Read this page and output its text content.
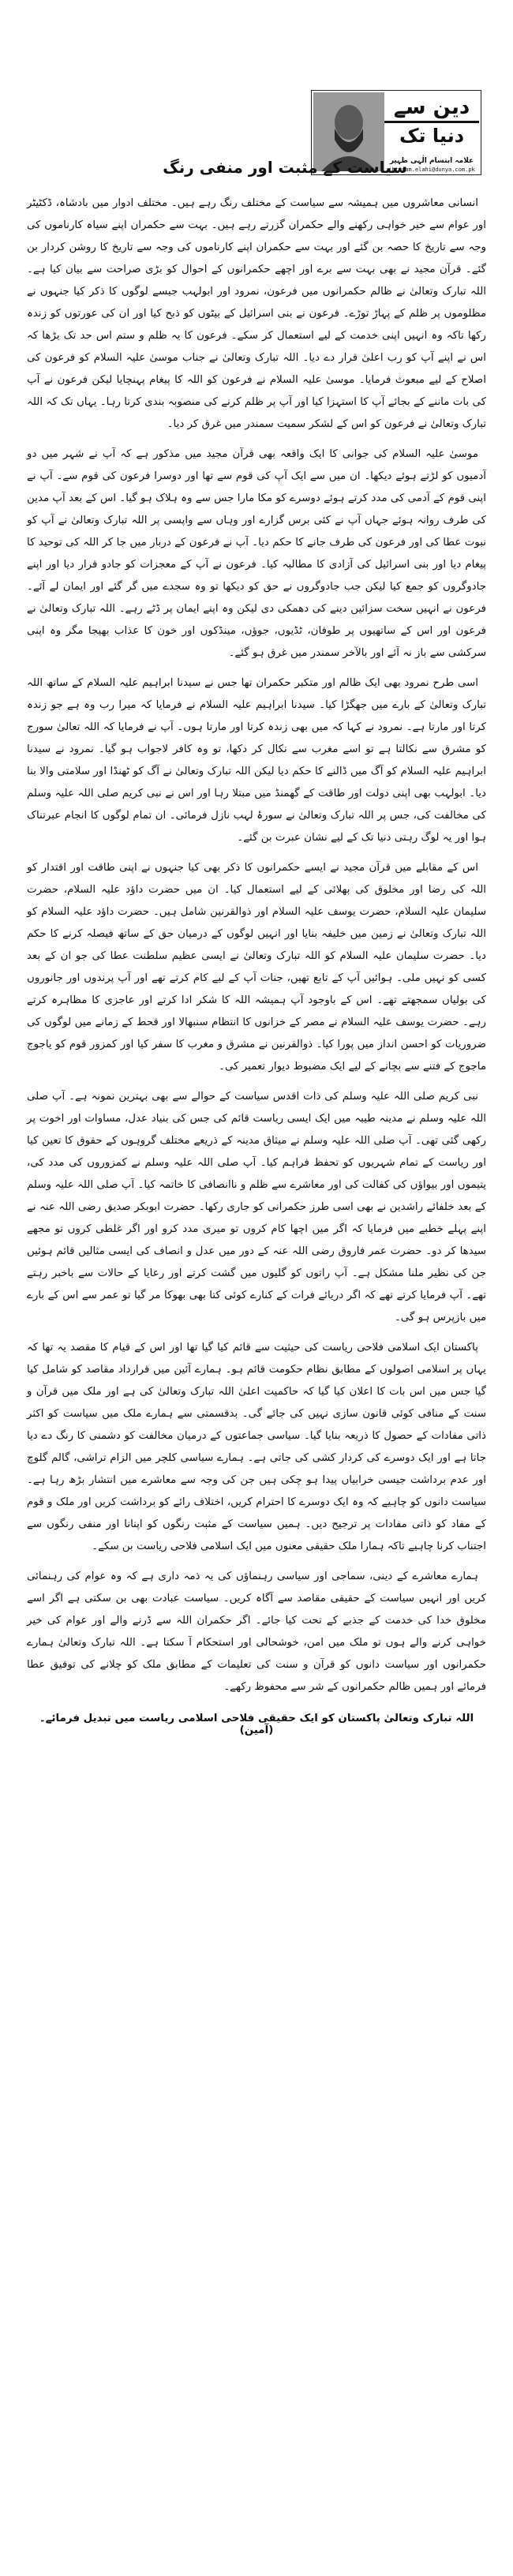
دین سے
دنیا تک
علامہ ابتسام الٰہی ظہیر
ibtisam.elahi@dunya.com.pk
سیاست کے مثبت اور منفی رنگ

انسانی معاشروں میں ہمیشہ سے سیاست کے مختلف رنگ رہے ہیں۔ مختلف ادوار میں بادشاہ، ڈکٹیٹر اور عوام سے خیر خواہی رکھنے والے حکمران گزرتے رہے ہیں۔ بہت سے حکمران اپنے سیاہ کارناموں کی وجہ سے تاریخ کا حصہ بن گئے اور بہت سے حکمران اپنے کارناموں کی وجہ سے تاریخ کا روشن کردار بن گئے۔ قرآن مجید نے بھی بہت سے برے اور اچھے حکمرانوں کے احوال کو بڑی صراحت سے بیان کیا ہے۔ اللہ تبارک وتعالیٰ نے ظالم حکمرانوں میں فرعون، نمرود اور ابولہب جیسے لوگوں کا ذکر کیا جنہوں نے مظلوموں پر ظلم کے پہاڑ توڑے۔ فرعون نے بنی اسرائیل کے بیٹوں کو ذبح کیا اور ان کی عورتوں کو زندہ رکھا تاکہ وہ انہیں اپنی خدمت کے لیے استعمال کر سکے۔ فرعون کا یہ ظلم و ستم اس حد تک بڑھا کہ اس نے اپنے آپ کو رب اعلیٰ قرار دے دیا۔ اللہ تبارک وتعالیٰ نے جناب موسیٰ علیہ السلام کو فرعون کی اصلاح کے لیے مبعوث فرمایا۔ موسیٰ علیہ السلام نے فرعون کو اللہ کا پیغام پہنچایا لیکن فرعون نے آپ کی بات ماننے کے بجائے آپ کا استہزا کیا اور آپ پر ظلم کرنے کی منصوبہ بندی کرتا رہا۔ یہاں تک کہ اللہ تبارک وتعالیٰ نے فرعون کو اس کے لشکر سمیت سمندر میں غرق کر دیا۔

موسیٰ علیہ السلام کی جوانی کا ایک واقعہ بھی قرآن مجید میں مذکور ہے کہ آپ نے شہر میں دو آدمیوں کو لڑتے ہوئے دیکھا۔ ان میں سے ایک آپ کی قوم سے تھا اور دوسرا فرعون کی قوم سے۔ آپ نے اپنی قوم کے آدمی کی مدد کرتے ہوئے دوسرے کو مکا مارا جس سے وہ ہلاک ہو گیا۔ اس کے بعد آپ مدین کی طرف روانہ ہوئے جہاں آپ نے کئی برس گزارے اور وہاں سے واپسی پر اللہ تبارک وتعالیٰ نے آپ کو نبوت عطا کی اور فرعون کی طرف جانے کا حکم دیا۔ آپ نے فرعون کے دربار میں جا کر اللہ کی توحید کا پیغام دیا اور بنی اسرائیل کی آزادی کا مطالبہ کیا۔ فرعون نے آپ کے معجزات کو جادو قرار دیا اور اپنے جادوگروں کو جمع کیا لیکن جب جادوگروں نے حق کو دیکھا تو وہ سجدے میں گر گئے اور ایمان لے آئے۔ فرعون نے انہیں سخت سزائیں دینے کی دھمکی دی لیکن وہ اپنے ایمان پر ڈٹے رہے۔ اللہ تبارک وتعالیٰ نے فرعون اور اس کے ساتھیوں پر طوفان، ٹڈیوں، جوؤں، مینڈکوں اور خون کا عذاب بھیجا مگر وہ اپنی سرکشی سے باز نہ آئے اور بالآخر سمندر میں غرق ہو گئے۔

اسی طرح نمرود بھی ایک ظالم اور متکبر حکمران تھا جس نے سیدنا ابراہیم علیہ السلام کے ساتھ اللہ تبارک وتعالیٰ کے بارے میں جھگڑا کیا۔ سیدنا ابراہیم علیہ السلام نے فرمایا کہ میرا رب وہ ہے جو زندہ کرتا اور مارتا ہے۔ نمرود نے کہا کہ میں بھی زندہ کرتا اور مارتا ہوں۔ آپ نے فرمایا کہ اللہ تعالیٰ سورج کو مشرق سے نکالتا ہے تو اسے مغرب سے نکال کر دکھا، تو وہ کافر لاجواب ہو گیا۔ نمرود نے سیدنا ابراہیم علیہ السلام کو آگ میں ڈالنے کا حکم دیا لیکن اللہ تبارک وتعالیٰ نے آگ کو ٹھنڈا اور سلامتی والا بنا دیا۔ ابولہب بھی اپنی دولت اور طاقت کے گھمنڈ میں مبتلا رہا اور اس نے نبی کریم صلی اللہ علیہ وسلم کی مخالفت کی، جس پر اللہ تبارک وتعالیٰ نے سورۂ لہب نازل فرمائی۔ ان تمام لوگوں کا انجام عبرتناک ہوا اور یہ لوگ رہتی دنیا تک کے لیے نشان عبرت بن گئے۔

اس کے مقابلے میں قرآن مجید نے ایسے حکمرانوں کا ذکر بھی کیا جنہوں نے اپنی طاقت اور اقتدار کو اللہ کی رضا اور مخلوق کی بھلائی کے لیے استعمال کیا۔ ان میں حضرت داؤد علیہ السلام، حضرت سلیمان علیہ السلام، حضرت یوسف علیہ السلام اور ذوالقرنین شامل ہیں۔ حضرت داؤد علیہ السلام کو اللہ تبارک وتعالیٰ نے زمین میں خلیفہ بنایا اور انہیں لوگوں کے درمیان حق کے ساتھ فیصلہ کرنے کا حکم دیا۔ حضرت سلیمان علیہ السلام کو اللہ تبارک وتعالیٰ نے ایسی عظیم سلطنت عطا کی جو ان کے بعد کسی کو نہیں ملی۔ ہوائیں آپ کے تابع تھیں، جنات آپ کے لیے کام کرتے تھے اور آپ پرندوں اور جانوروں کی بولیاں سمجھتے تھے۔ اس کے باوجود آپ ہمیشہ اللہ کا شکر ادا کرتے اور عاجزی کا مظاہرہ کرتے رہے۔ حضرت یوسف علیہ السلام نے مصر کے خزانوں کا انتظام سنبھالا اور قحط کے زمانے میں لوگوں کی ضروریات کو احسن انداز میں پورا کیا۔ ذوالقرنین نے مشرق و مغرب کا سفر کیا اور کمزور قوم کو یاجوج ماجوج کے فتنے سے بچانے کے لیے ایک مضبوط دیوار تعمیر کی۔

نبی کریم صلی اللہ علیہ وسلم کی ذات اقدس سیاست کے حوالے سے بھی بہترین نمونہ ہے۔ آپ صلی اللہ علیہ وسلم نے مدینہ طیبہ میں ایک ایسی ریاست قائم کی جس کی بنیاد عدل، مساوات اور اخوت پر رکھی گئی تھی۔ آپ صلی اللہ علیہ وسلم نے میثاق مدینہ کے ذریعے مختلف گروہوں کے حقوق کا تعین کیا اور ریاست کے تمام شہریوں کو تحفظ فراہم کیا۔ آپ صلی اللہ علیہ وسلم نے کمزوروں کی مدد کی، یتیموں اور بیواؤں کی کفالت کی اور معاشرے سے ظلم و ناانصافی کا خاتمہ کیا۔ آپ صلی اللہ علیہ وسلم کے بعد خلفائے راشدین نے بھی اسی طرز حکمرانی کو جاری رکھا۔ حضرت ابوبکر صدیق رضی اللہ عنہ نے اپنے پہلے خطبے میں فرمایا کہ اگر میں اچھا کام کروں تو میری مدد کرو اور اگر غلطی کروں تو مجھے سیدھا کر دو۔ حضرت عمر فاروق رضی اللہ عنہ کے دور میں عدل و انصاف کی ایسی مثالیں قائم ہوئیں جن کی نظیر ملنا مشکل ہے۔ آپ راتوں کو گلیوں میں گشت کرتے اور رعایا کے حالات سے باخبر رہتے تھے۔ آپ فرمایا کرتے تھے کہ اگر دریائے فرات کے کنارے کوئی کتا بھی بھوکا مر گیا تو عمر سے اس کے بارے میں بازپرس ہو گی۔

پاکستان ایک اسلامی فلاحی ریاست کی حیثیت سے قائم کیا گیا تھا اور اس کے قیام کا مقصد یہ تھا کہ یہاں پر اسلامی اصولوں کے مطابق نظام حکومت قائم ہو۔ ہمارے آئین میں قرارداد مقاصد کو شامل کیا گیا جس میں اس بات کا اعلان کیا گیا کہ حاکمیت اعلیٰ اللہ تبارک وتعالیٰ کی ہے اور ملک میں قرآن و سنت کے منافی کوئی قانون سازی نہیں کی جائے گی۔ بدقسمتی سے ہمارے ملک میں سیاست کو اکثر ذاتی مفادات کے حصول کا ذریعہ بنایا گیا۔ سیاسی جماعتوں کے درمیان مخالفت کو دشمنی کا رنگ دے دیا جاتا ہے اور ایک دوسرے کی کردار کشی کی جاتی ہے۔ ہمارے سیاسی کلچر میں الزام تراشی، گالم گلوچ اور عدم برداشت جیسی خرابیاں پیدا ہو چکی ہیں جن کی وجہ سے معاشرے میں انتشار بڑھ رہا ہے۔ سیاست دانوں کو چاہیے کہ وہ ایک دوسرے کا احترام کریں، اختلاف رائے کو برداشت کریں اور ملک و قوم کے مفاد کو ذاتی مفادات پر ترجیح دیں۔ ہمیں سیاست کے مثبت رنگوں کو اپنانا اور منفی رنگوں سے اجتناب کرنا چاہیے تاکہ ہمارا ملک حقیقی معنوں میں ایک اسلامی فلاحی ریاست بن سکے۔

ہمارے معاشرے کے دینی، سماجی اور سیاسی رہنماؤں کی یہ ذمہ داری ہے کہ وہ عوام کی رہنمائی کریں اور انہیں سیاست کے حقیقی مقاصد سے آگاہ کریں۔ سیاست عبادت بھی بن سکتی ہے اگر اسے مخلوق خدا کی خدمت کے جذبے کے تحت کیا جائے۔ اگر حکمران اللہ سے ڈرنے والے اور عوام کی خیر خواہی کرنے والے ہوں تو ملک میں امن، خوشحالی اور استحکام آ سکتا ہے۔ اللہ تبارک وتعالیٰ ہمارے حکمرانوں اور سیاست دانوں کو قرآن و سنت کی تعلیمات کے مطابق ملک کو چلانے کی توفیق عطا فرمائے اور ہمیں ظالم حکمرانوں کے شر سے محفوظ رکھے۔

اللہ تبارک وتعالیٰ پاکستان کو ایک حقیقی فلاحی اسلامی ریاست میں تبدیل فرمائے۔ (آمین)
